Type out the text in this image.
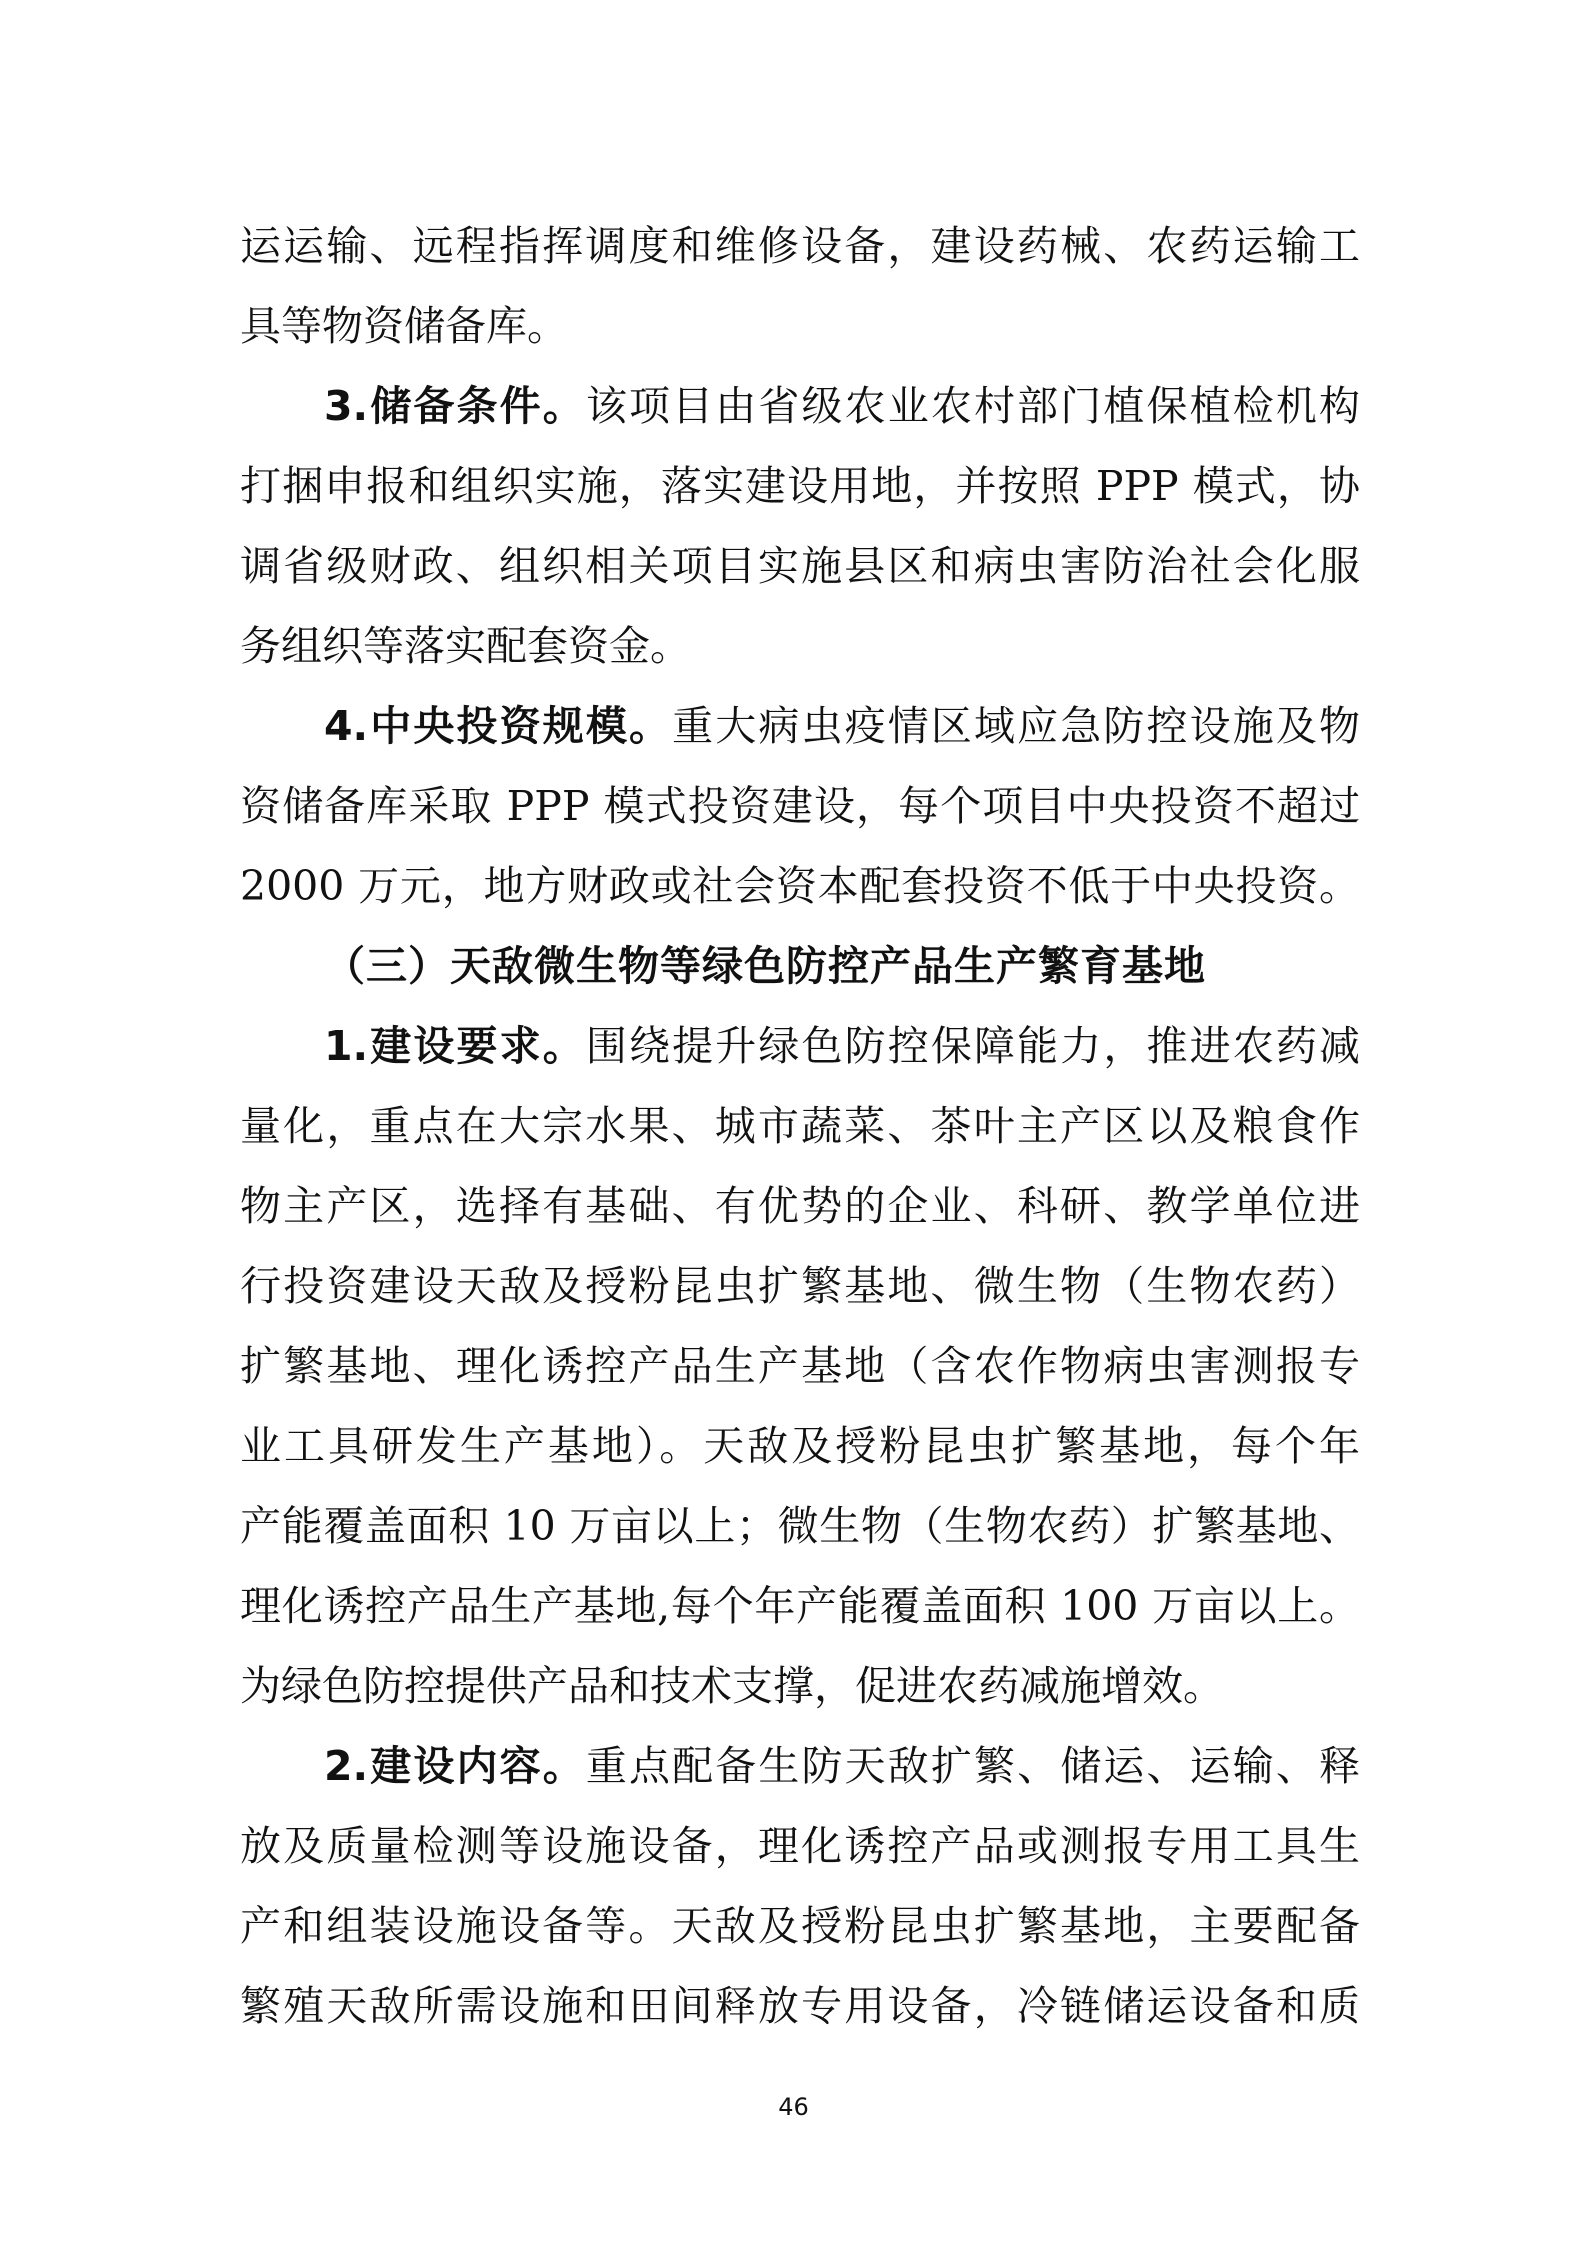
运运输、远程指挥调度和维修设备，建设药械、农药运输工
具等物资储备库。
3.储备条件。该项目由省级农业农村部门植保植检机构
打捆申报和组织实施，落实建设用地，并按照 PPP 模式，协
调省级财政、组织相关项目实施县区和病虫害防治社会化服
务组织等落实配套资金。
4.中央投资规模。重大病虫疫情区域应急防控设施及物
资储备库采取 PPP 模式投资建设，每个项目中央投资不超过
2000 万元，地方财政或社会资本配套投资不低于中央投资。
（三）天敌微生物等绿色防控产品生产繁育基地
1.建设要求。围绕提升绿色防控保障能力，推进农药减
量化，重点在大宗水果、城市蔬菜、茶叶主产区以及粮食作
物主产区，选择有基础、有优势的企业、科研、教学单位进
行投资建设天敌及授粉昆虫扩繁基地、微生物（生物农药）
扩繁基地、理化诱控产品生产基地（含农作物病虫害测报专
业工具研发生产基地）。天敌及授粉昆虫扩繁基地，每个年
产能覆盖面积 10 万亩以上；微生物（生物农药）扩繁基地、
理化诱控产品生产基地,每个年产能覆盖面积 100 万亩以上。
为绿色防控提供产品和技术支撑，促进农药减施增效。
2.建设内容。重点配备生防天敌扩繁、储运、运输、释
放及质量检测等设施设备，理化诱控产品或测报专用工具生
产和组装设施设备等。天敌及授粉昆虫扩繁基地，主要配备
繁殖天敌所需设施和田间释放专用设备，冷链储运设备和质
46
